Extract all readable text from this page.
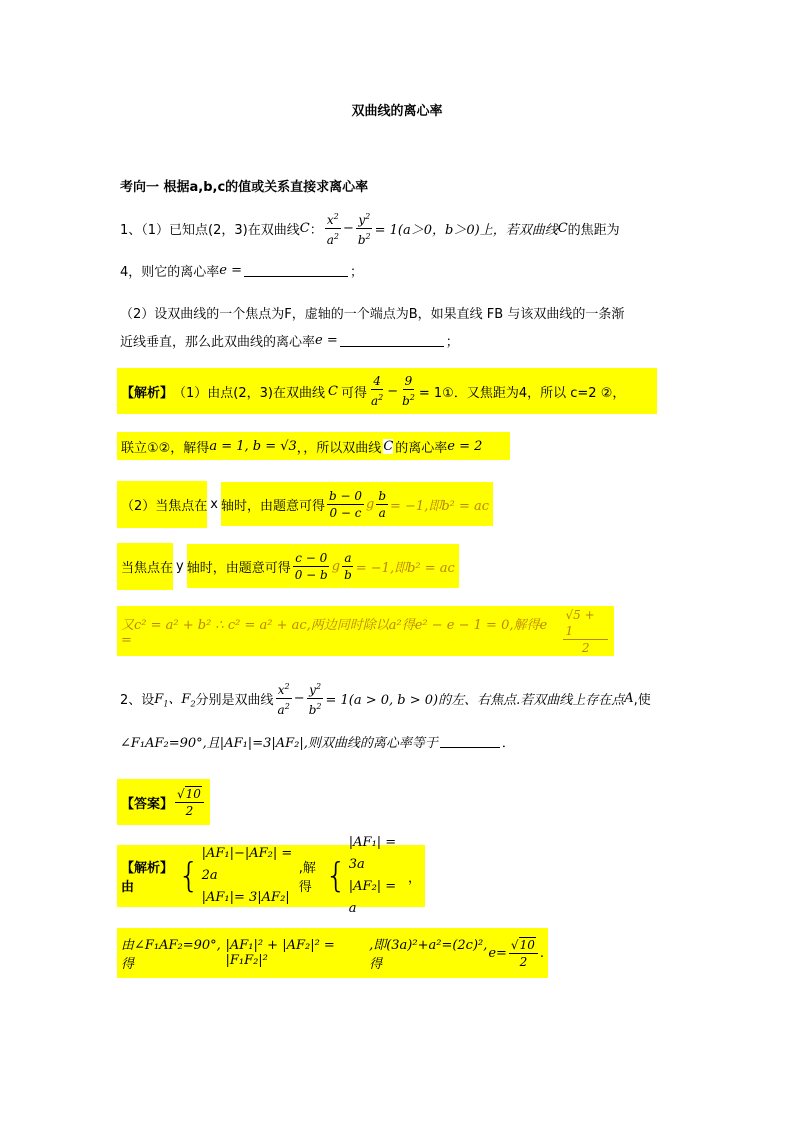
双曲线的离心率
考向一 根据a,b,c的值或关系直接求离心率
1、（1）已知点(2，3)在双曲线 C ： $\frac{x^2}{a^2} - \frac{y^2}{b^2} = 1(a>0$，b＞0)上，若双曲线 C 的焦距为
4，则它的离心率 e =	；
（2）设双曲线的一个焦点为F，虚轴的一个端点为B，如果直线 FB 与该双曲线的一条渐
近线垂直，那么此双曲线的离心率 e =	；
【解析】 （1）由点(2，3)在双曲线 C 可得 $\frac{4}{a^2} - \frac{9}{b^2}$ = 1①．又焦距为4，所以 c=2 ②，
联立①②，解得 a = 1, b = √3 ，，所以双曲线 C 的离心率 e = 2
（2）当焦点在 x 轴时，由题意可得 $\frac{b - 0}{0 - c}$ g $\frac{b}{a} = -1$,即b² = ac
当焦点在 y 轴时，由题意可得 $\frac{c - 0}{0 - b}$ g $\frac{a}{b} = -1$,即b² = ac
又c² = a² + b² ∴ c² = a² + ac,两边同时除以a²得e² − e − 1 = 0,解得e =	$\frac{√5 + 1}{2}$
2、设 $F_1$、$F_2$ 分别是双曲线 $\frac{x^2}{a^2} - \frac{y^2}{b^2} = 1(a > 0$, b > 0)的左、右焦点.若双曲线上存在点 A ,使
∠F₁AF₂=90°,且|AF₁|=3|AF₂|,则双曲线的离心率等于	．
【答案】 $\frac{√ 10}{2}$
【解析】由	{
|AF₁|−|AF₂| = 2a
|AF₁|= 3|AF₂|
,解得 {
|AF₁| = 3a
|AF₂| = a
，
由∠F₁AF₂=90°,得
|AF₁|² + |AF₂|² = |F₁F₂|²
,即(3a)²+a²=(2c)²,得
$e= \frac{√ 10}{2}$ .
